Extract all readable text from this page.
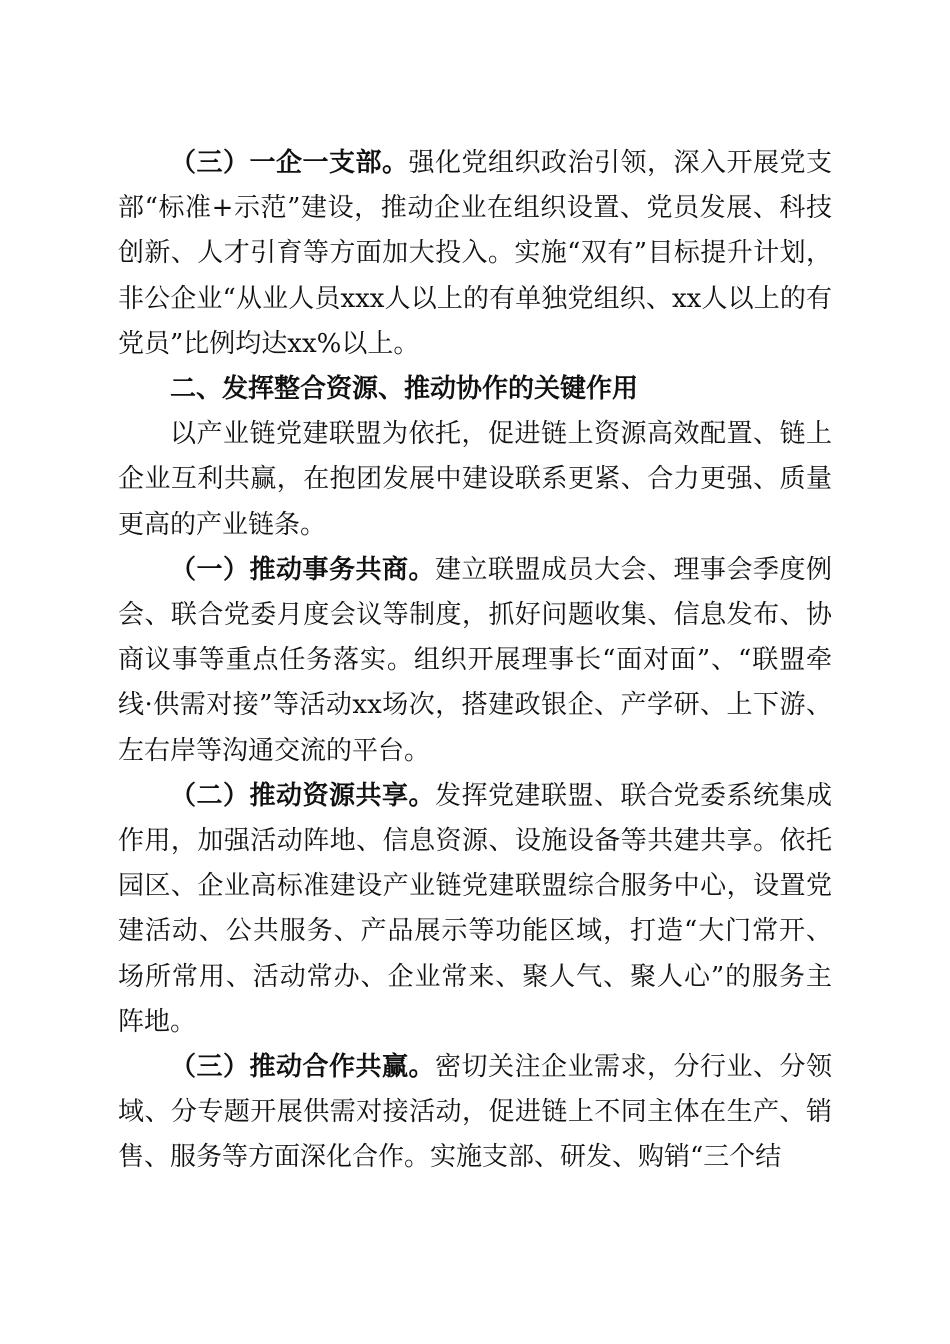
（三）一企一支部。强化党组织政治引领，深入开展党支部“标准+示范”建设，推动企业在组织设置、党员发展、科技创新、人才引育等方面加大投入。实施“双有”目标提升计划，非公企业“从业人员xxx人以上的有单独党组织、xx人以上的有党员”比例均达xx%以上。

二、发挥整合资源、推动协作的关键作用

以产业链党建联盟为依托，促进链上资源高效配置、链上企业互利共赢，在抱团发展中建设联系更紧、合力更强、质量更高的产业链条。

（一）推动事务共商。建立联盟成员大会、理事会季度例会、联合党委月度会议等制度，抓好问题收集、信息发布、协商议事等重点任务落实。组织开展理事长“面对面”、“联盟牵线·供需对接”等活动xx场次，搭建政银企、产学研、上下游、左右岸等沟通交流的平台。

（二）推动资源共享。发挥党建联盟、联合党委系统集成作用，加强活动阵地、信息资源、设施设备等共建共享。依托园区、企业高标准建设产业链党建联盟综合服务中心，设置党建活动、公共服务、产品展示等功能区域，打造“大门常开、场所常用、活动常办、企业常来、聚人气、聚人心”的服务主阵地。

（三）推动合作共赢。密切关注企业需求，分行业、分领域、分专题开展供需对接活动，促进链上不同主体在生产、销售、服务等方面深化合作。实施支部、研发、购销“三个结
